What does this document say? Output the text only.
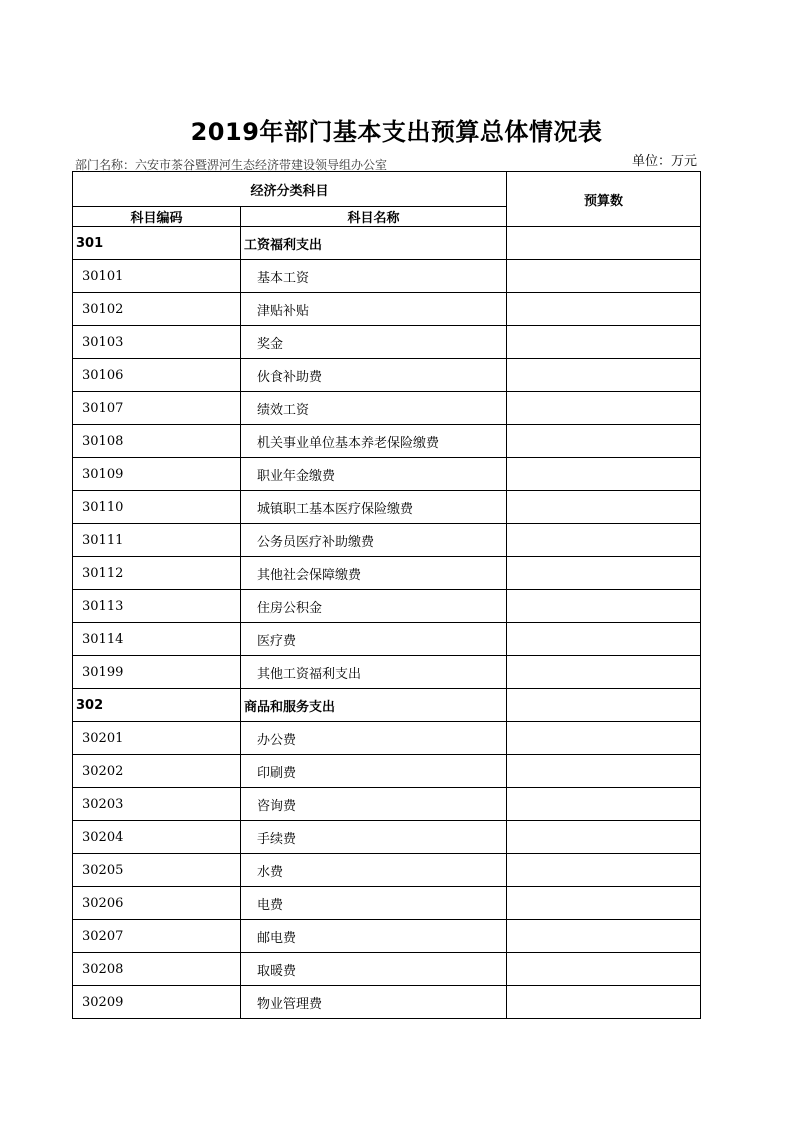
2019年部门基本支出预算总体情况表
部门名称：六安市茶谷暨淠河生态经济带建设领导组办公室	单位：万元
经济分类科目		预算数
科目编码	科目名称	
301	工资福利支出	
30101	基本工资	
30102	津贴补贴	
30103	奖金	
30106	伙食补助费	
30107	绩效工资	
30108	机关事业单位基本养老保险缴费	
30109	职业年金缴费	
30110	城镇职工基本医疗保险缴费	
30111	公务员医疗补助缴费	
30112	其他社会保障缴费	
30113	住房公积金	
30114	医疗费	
30199	其他工资福利支出	
302	商品和服务支出	
30201	办公费	
30202	印刷费	
30203	咨询费	
30204	手续费	
30205	水费	
30206	电费	
30207	邮电费	
30208	取暖费	
30209	物业管理费	
